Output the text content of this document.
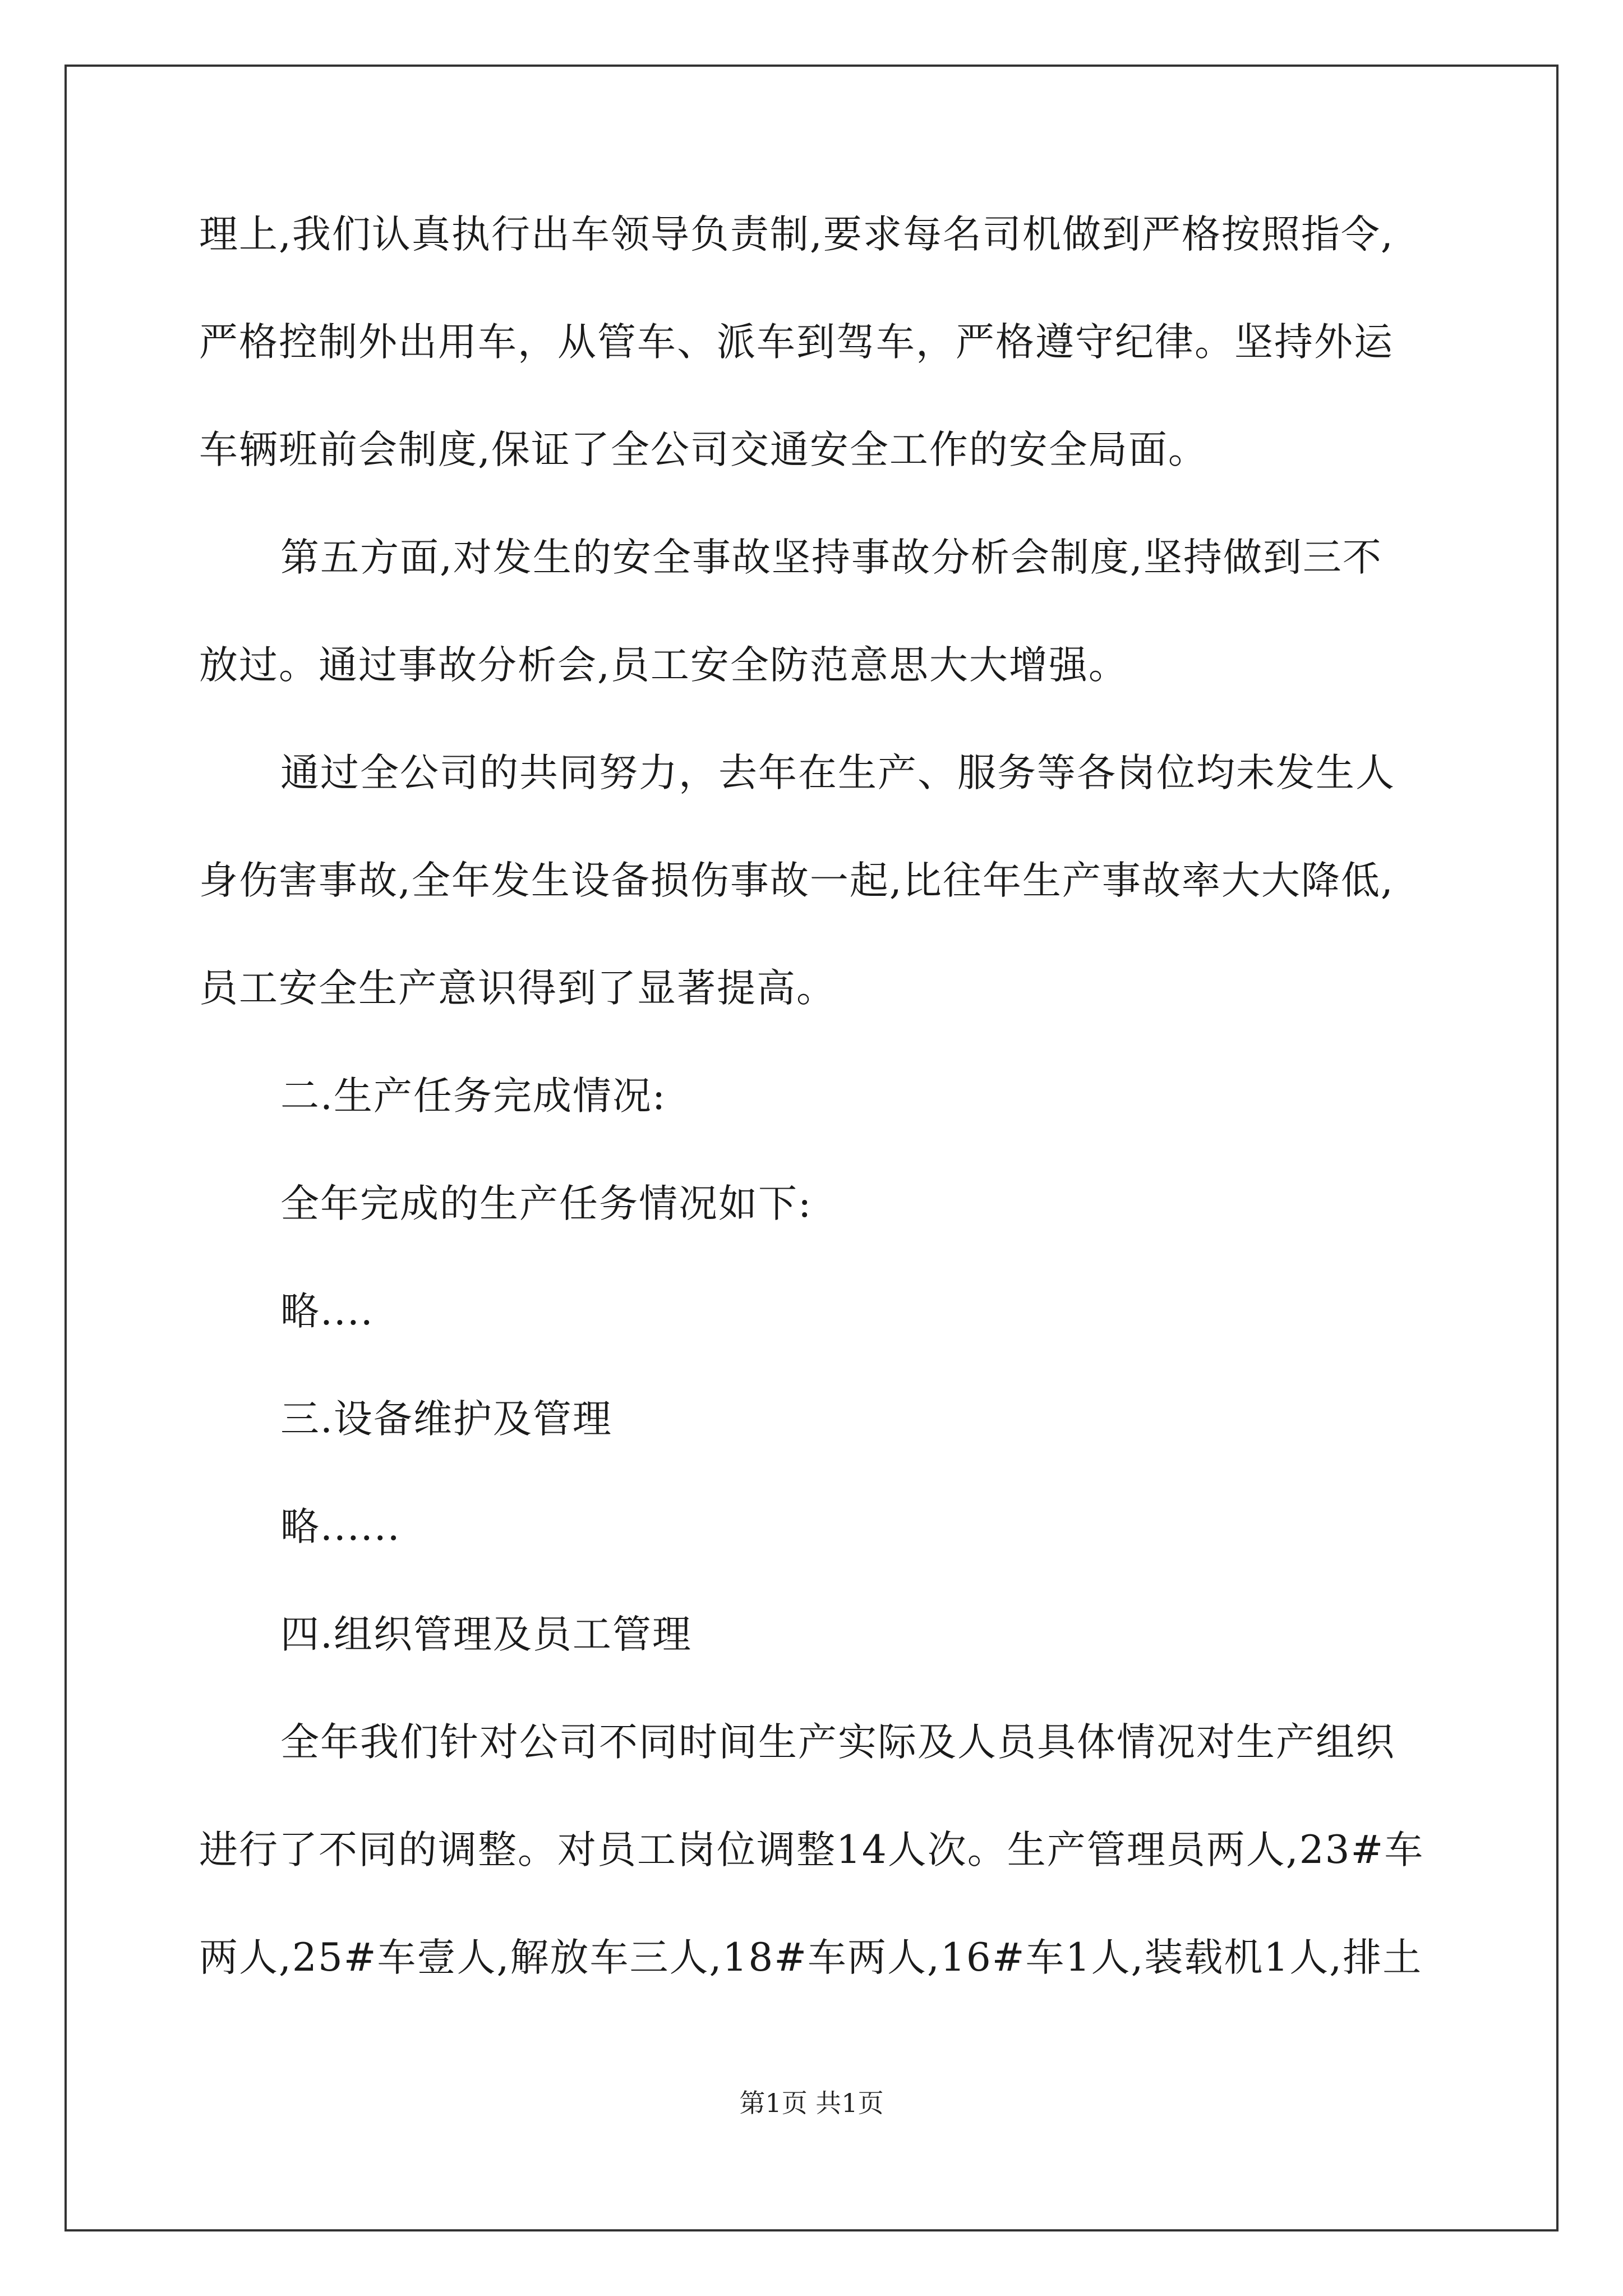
理上,我们认真执行出车领导负责制,要求每名司机做到严格按照指令,
严格控制外出用车，从管车、派车到驾车，严格遵守纪律。坚持外运
车辆班前会制度,保证了全公司交通安全工作的安全局面。
第五方面,对发生的安全事故坚持事故分析会制度,坚持做到三不
放过。通过事故分析会,员工安全防范意思大大增强。
通过全公司的共同努力，去年在生产、服务等各岗位均未发生人
身伤害事故,全年发生设备损伤事故一起,比往年生产事故率大大降低,
员工安全生产意识得到了显著提高。
二.生产任务完成情况:
全年完成的生产任务情况如下:
略....
三.设备维护及管理
略......
四.组织管理及员工管理
全年我们针对公司不同时间生产实际及人员具体情况对生产组织
进行了不同的调整。对员工岗位调整14人次。生产管理员两人,23#车
两人,25#车壹人,解放车三人,18#车两人,16#车1人,装载机1人,排土
第1页 共1页
